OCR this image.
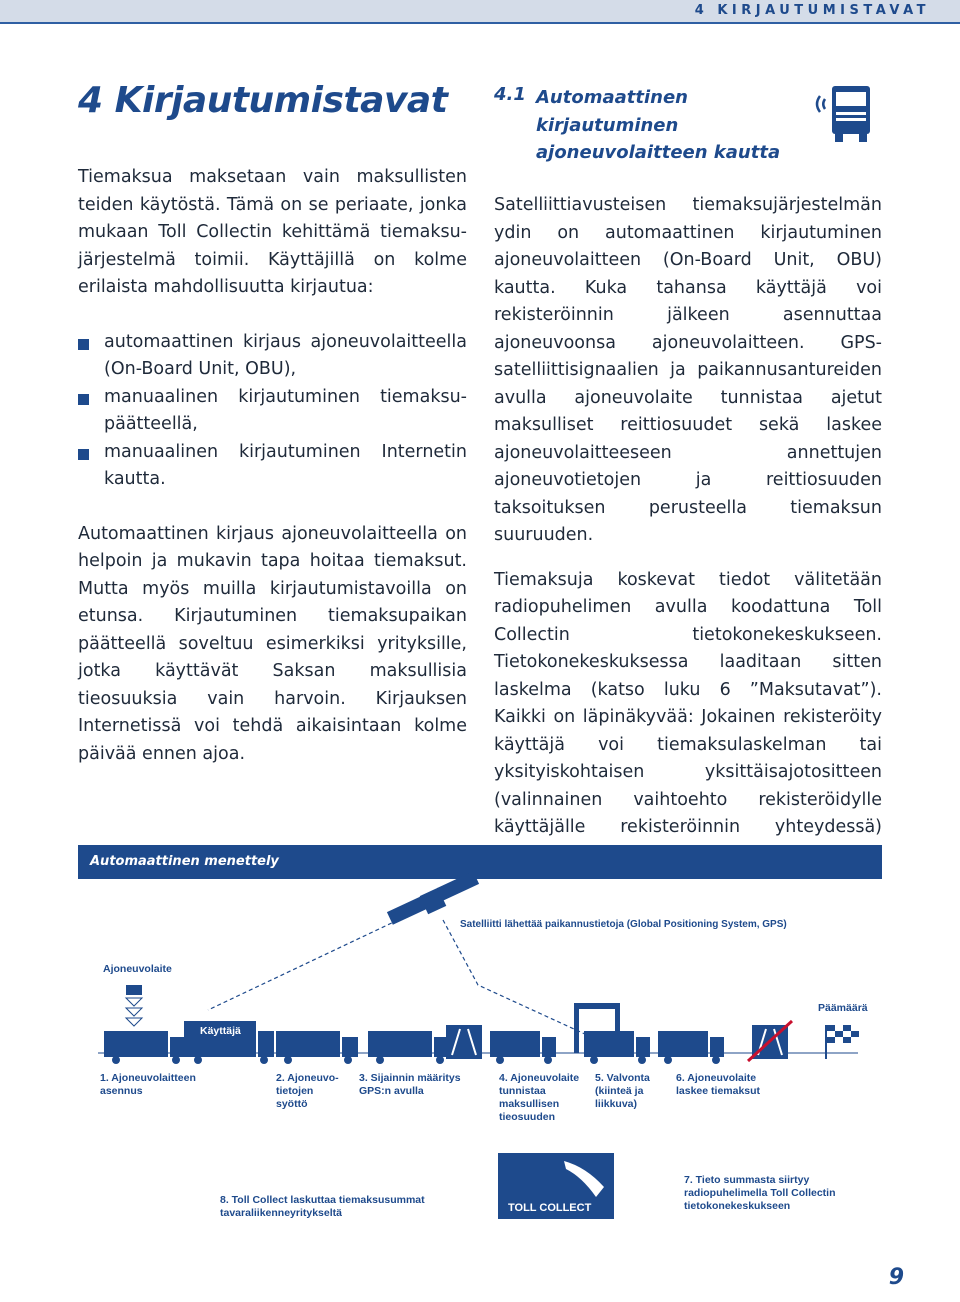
4 KIRJAUTUMISTAVAT
4 Kirjautumistavat

Tiemaksua maksetaan vain maksullisten teiden käytöstä. Tämä on se periaate, jonka mukaan Toll Collectin kehittämä tiemaksu-järjestelmä toimii. Käyttäjillä on kolme erilaista mahdollisuutta kirjautua:

automaattinen kirjaus ajoneuvolaitteella (On-Board Unit, OBU),
manuaalinen kirjautuminen tiemaksu-päätteellä,
manuaalinen kirjautuminen Internetin kautta.

Automaattinen kirjaus ajoneuvolaitteella on helpoin ja mukavin tapa hoitaa tiemaksut. Mutta myös muilla kirjautumistavoilla on etunsa. Kirjautuminen tiemaksupaikan päätteellä soveltuu esimerkiksi yrityksille, jotka käyttävät Saksan maksullisia tieosuuksia vain harvoin. Kirjauksen Internetissä voi tehdä aikaisintaan kolme päivää ennen ajoa.

4.1 Automaattinen kirjautuminen ajoneuvolaitteen kautta

Satelliittiavusteisen tiemaksujärjestelmän ydin on automaattinen kirjautuminen ajoneuvolaitteen (On-Board Unit, OBU) kautta. Kuka tahansa käyttäjä voi rekisteröinnin jälkeen asennuttaa ajoneuvoonsa ajoneuvolaitteen. GPS-satelliittisignaalien ja paikannusantureiden avulla ajoneuvolaite tunnistaa ajetut maksulliset reittiosuudet sekä laskee ajoneuvolaitteeseen annettujen ajoneuvotietojen ja reittiosuuden taksoituksen perusteella tiemaksun suuruuden.

Tiemaksuja koskevat tiedot välitetään radiopuhelimen avulla koodattuna Toll Collectin tietokonekeskukseen. Tietokonekeskuksessa laaditaan sitten laskelma (katso luku 6 ”Maksutavat”). Kaikki on läpinäkyvää: Jokainen rekisteröity käyttäjä voi tiemaksulaskelman tai yksityiskohtaisen yksittäisajotositteen (valinnainen vaihtoehto rekisteröidylle käyttäjälle rekisteröinnin yhteydessä)

Automaattinen menettely
TOLL COLLECT
Satelliitti lähettää paikannustietoja (Global Positioning System, GPS)
Ajoneuvolaite
Käyttäjä
Päämäärä
1. Ajoneuvolaitteen asennus
2. Ajoneuvo-tietojen syöttö
3. Sijainnin määritys GPS:n avulla
4. Ajoneuvolaite tunnistaa maksullisen tieosuuden
5. Valvonta (kiinteä ja liikkuva)
6. Ajoneuvolaite laskee tiemaksut
7. Tieto summasta siirtyy radiopuhelimella Toll Collectin tietokonekeskukseen
8. Toll Collect laskuttaa tiemaksusummat tavaraliikenneyritykseltä
9
